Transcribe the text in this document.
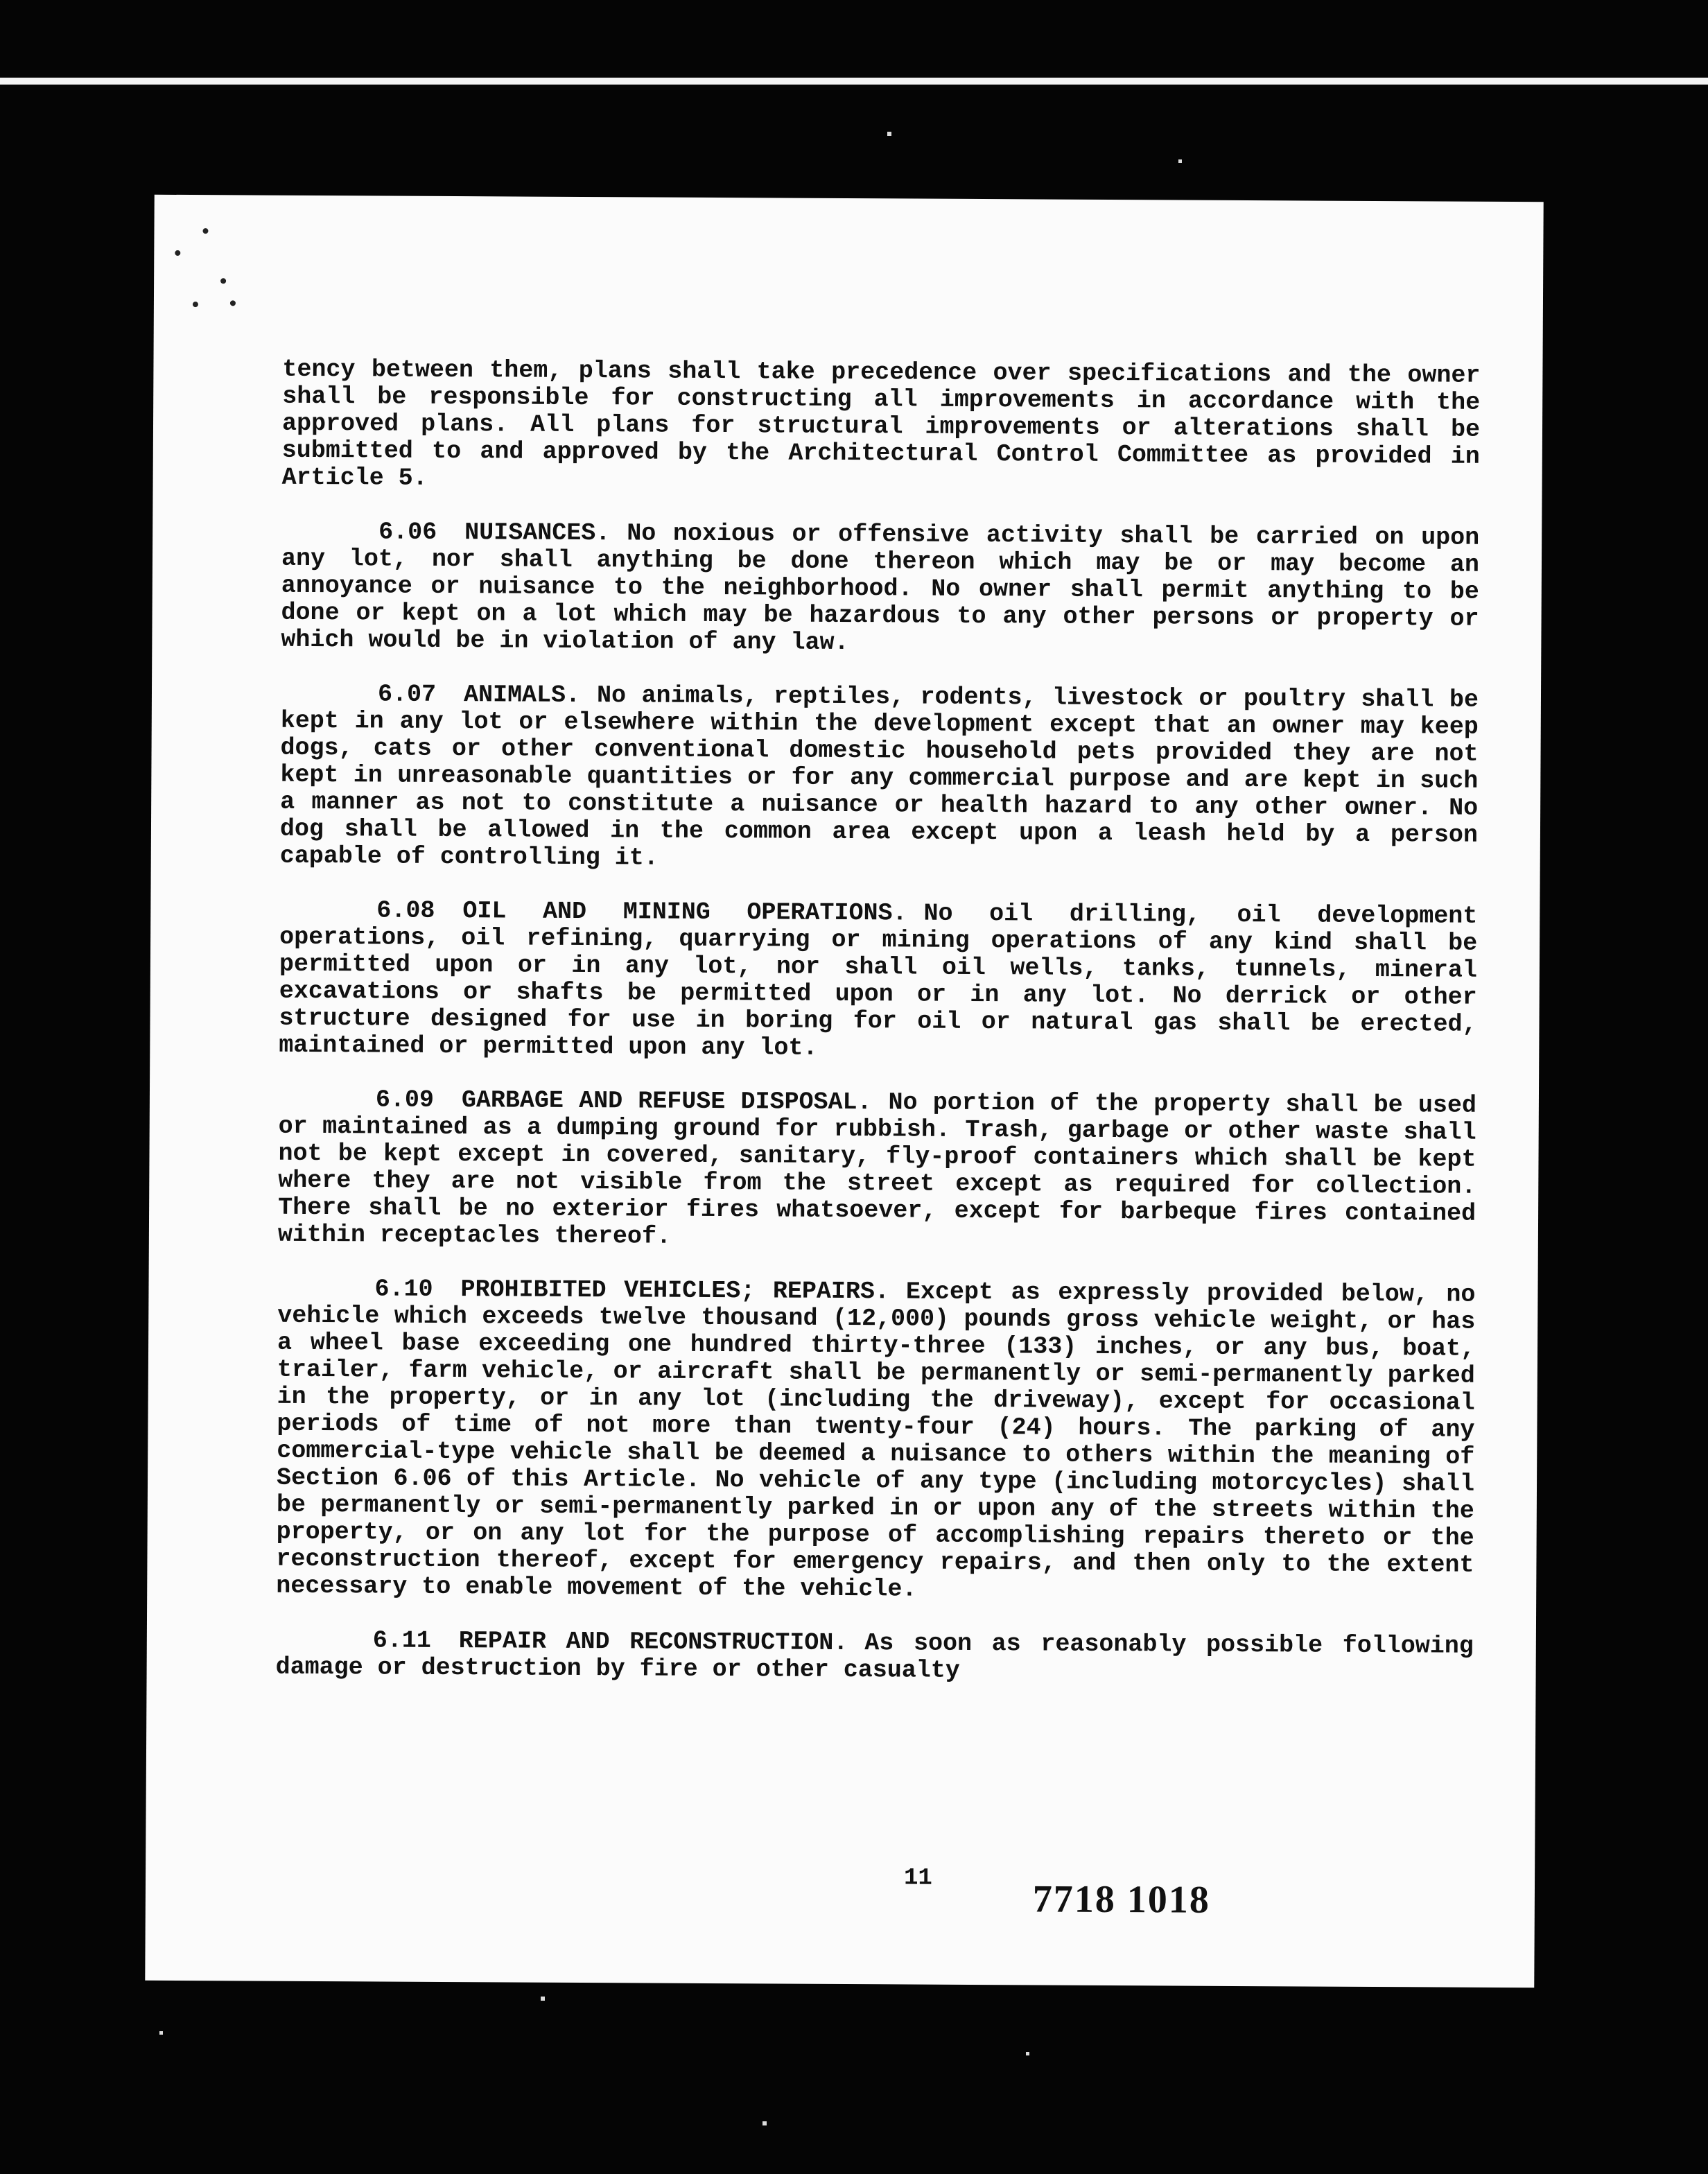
tency between them, plans shall take precedence over specifications and the owner shall be responsible for constructing all improvements in accordance with the approved plans. All plans for structural improvements or alterations shall be submitted to and approved by the Architectural Control Committee as provided in Article 5.

6.06 NUISANCES. No noxious or offensive activity shall be carried on upon any lot, nor shall anything be done thereon which may be or may become an annoyance or nuisance to the neighborhood. No owner shall permit anything to be done or kept on a lot which may be hazardous to any other persons or property or which would be in violation of any law.

6.07 ANIMALS. No animals, reptiles, rodents, livestock or poultry shall be kept in any lot or elsewhere within the development except that an owner may keep dogs, cats or other conventional domestic household pets provided they are not kept in unreasonable quantities or for any commercial purpose and are kept in such a manner as not to constitute a nuisance or health hazard to any other owner. No dog shall be allowed in the common area except upon a leash held by a person capable of controlling it.

6.08 OIL AND MINING OPERATIONS. No oil drilling, oil development operations, oil refining, quarrying or mining operations of any kind shall be permitted upon or in any lot, nor shall oil wells, tanks, tunnels, mineral excavations or shafts be permitted upon or in any lot. No derrick or other structure designed for use in boring for oil or natural gas shall be erected, maintained or permitted upon any lot.

6.09 GARBAGE AND REFUSE DISPOSAL. No portion of the property shall be used or maintained as a dumping ground for rubbish. Trash, garbage or other waste shall not be kept except in covered, sanitary, fly-proof containers which shall be kept where they are not visible from the street except as required for collection. There shall be no exterior fires whatsoever, except for barbeque fires contained within receptacles thereof.

6.10 PROHIBITED VEHICLES; REPAIRS. Except as expressly provided below, no vehicle which exceeds twelve thousand (12,000) pounds gross vehicle weight, or has a wheel base exceeding one hundred thirty-three (133) inches, or any bus, boat, trailer, farm vehicle, or aircraft shall be permanently or semi-permanently parked in the property, or in any lot (including the driveway), except for occasional periods of time of not more than twenty-four (24) hours. The parking of any commercial-type vehicle shall be deemed a nuisance to others within the meaning of Section 6.06 of this Article. No vehicle of any type (including motorcycles) shall be permanently or semi-permanently parked in or upon any of the streets within the property, or on any lot for the purpose of accomplishing repairs thereto or the reconstruction thereof, except for emergency repairs, and then only to the extent necessary to enable movement of the vehicle.

6.11 REPAIR AND RECONSTRUCTION. As soon as reasonably possible following damage or destruction by fire or other casualty

11	7718 1018
